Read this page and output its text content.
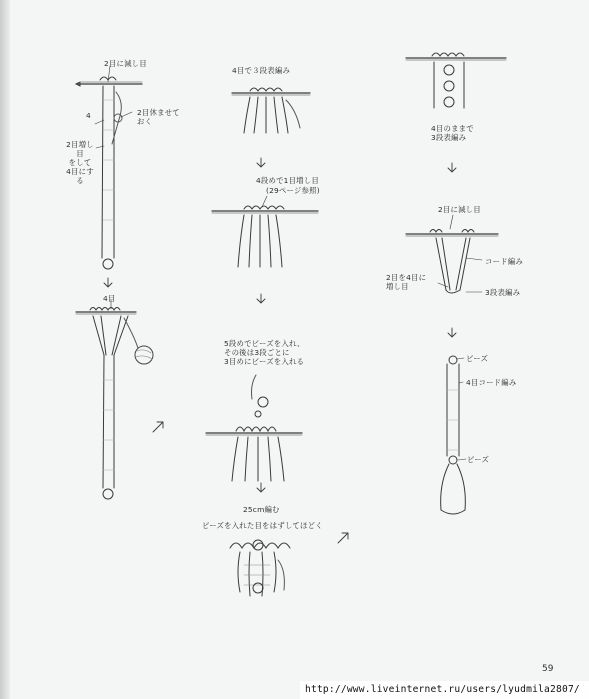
2目に減し目
2目休ませて
おく
4
2目増し目
をして
4目にする
4目
4目で３段表編み
4段めで1目増し目
(29ページ参照)
5段めでビーズを入れ、
その後は3段ごとに
3目めにビーズを入れる
25cm編む
ビーズを入れた目をはずしてほどく
4目のままで
3段表編み
2目に減し目
コード編み
2目を4目に
増し目
3段表編み
ビーズ
4目コード編み
ビーズ
59
http://www.liveinternet.ru/users/lyudmila2807/
